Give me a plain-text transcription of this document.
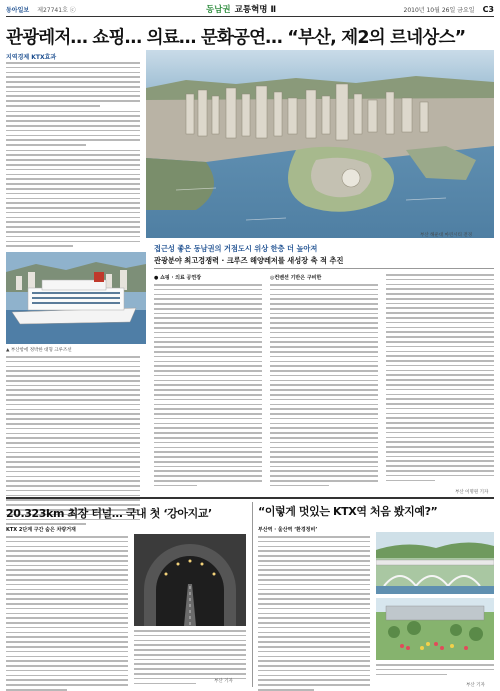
동아일보 제27741호 ⓒ	동남권 교통혁명 Ⅱ	2010년 10월 26일 금요일 C3
관광레저… 쇼핑… 의료… 문화공연… “부산, 제2의 르네상스”
지역경제 KTX효과
부산 해운대 마린시티 전경
▲ 부산항에 정박한 대형 크루즈선
접근성 좋은 동남권의 거점도시 위상 한층 더 높아져
관광분야 최고경쟁력 · 크루즈 해양레저를 새성장 축 적 추진
● 쇼핑 · 의료 공연장	◎컨벤션 기반은 구비한
부산 이명원 기자
20.323km 최장 터널… 국내 첫 ‘강아지교’
KTX 2단계 구간 숨은 차량거재
부산 기자
“이렇게 멋있는 KTX역 처음 봤지예?”
부산역 · 울산역 ‘환경정비’
부산 기자
